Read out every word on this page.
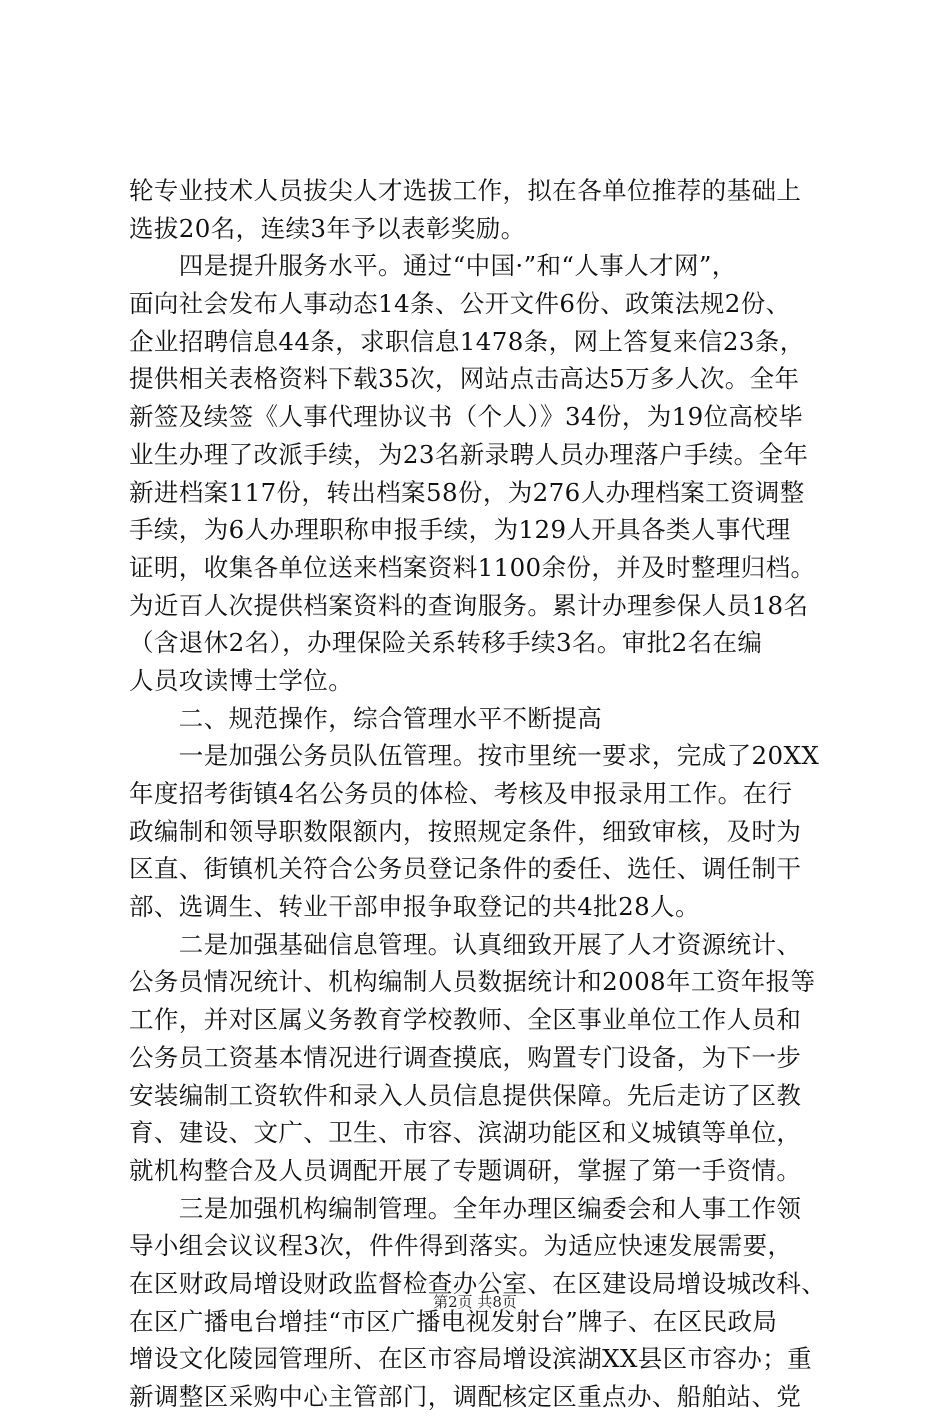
轮专业技术人员拔尖人才选拔工作，拟在各单位推荐的基础上
选拔20名，连续3年予以表彰奖励。
　　四是提升服务水平。通过“中国·”和“人事人才网”，
面向社会发布人事动态14条、公开文件6份、政策法规2份、
企业招聘信息44条，求职信息1478条，网上答复来信23条，
提供相关表格资料下载35次，网站点击高达5万多人次。全年
新签及续签《人事代理协议书（个人）》34份，为19位高校毕
业生办理了改派手续，为23名新录聘人员办理落户手续。全年
新进档案117份，转出档案58份，为276人办理档案工资调整
手续，为6人办理职称申报手续，为129人开具各类人事代理
证明，收集各单位送来档案资料1100余份，并及时整理归档。
为近百人次提供档案资料的查询服务。累计办理参保人员18名
（含退休2名），办理保险关系转移手续3名。审批2名在编
人员攻读博士学位。
　　二、规范操作，综合管理水平不断提高
　　一是加强公务员队伍管理。按市里统一要求，完成了20XX
年度招考街镇4名公务员的体检、考核及申报录用工作。在行
政编制和领导职数限额内，按照规定条件，细致审核，及时为
区直、街镇机关符合公务员登记条件的委任、选任、调任制干
部、选调生、转业干部申报争取登记的共4批28人。
　　二是加强基础信息管理。认真细致开展了人才资源统计、
公务员情况统计、机构编制人员数据统计和2008年工资年报等
工作，并对区属义务教育学校教师、全区事业单位工作人员和
公务员工资基本情况进行调查摸底，购置专门设备，为下一步
安装编制工资软件和录入人员信息提供保障。先后走访了区教
育、建设、文广、卫生、市容、滨湖功能区和义城镇等单位，
就机构整合及人员调配开展了专题调研，掌握了第一手资情。
　　三是加强机构编制管理。全年办理区编委会和人事工作领
导小组会议议程3次，件件得到落实。为适应快速发展需要，
在区财政局增设财政监督检查办公室、在区建设局增设城改科、
在区广播电台增挂“市区广播电视发射台”牌子、在区民政局
增设文化陵园管理所、在区市容局增设滨湖XX县区市容办；重
新调整区采购中心主管部门，调配核定区重点办、船舶站、党
第2页 共8页
